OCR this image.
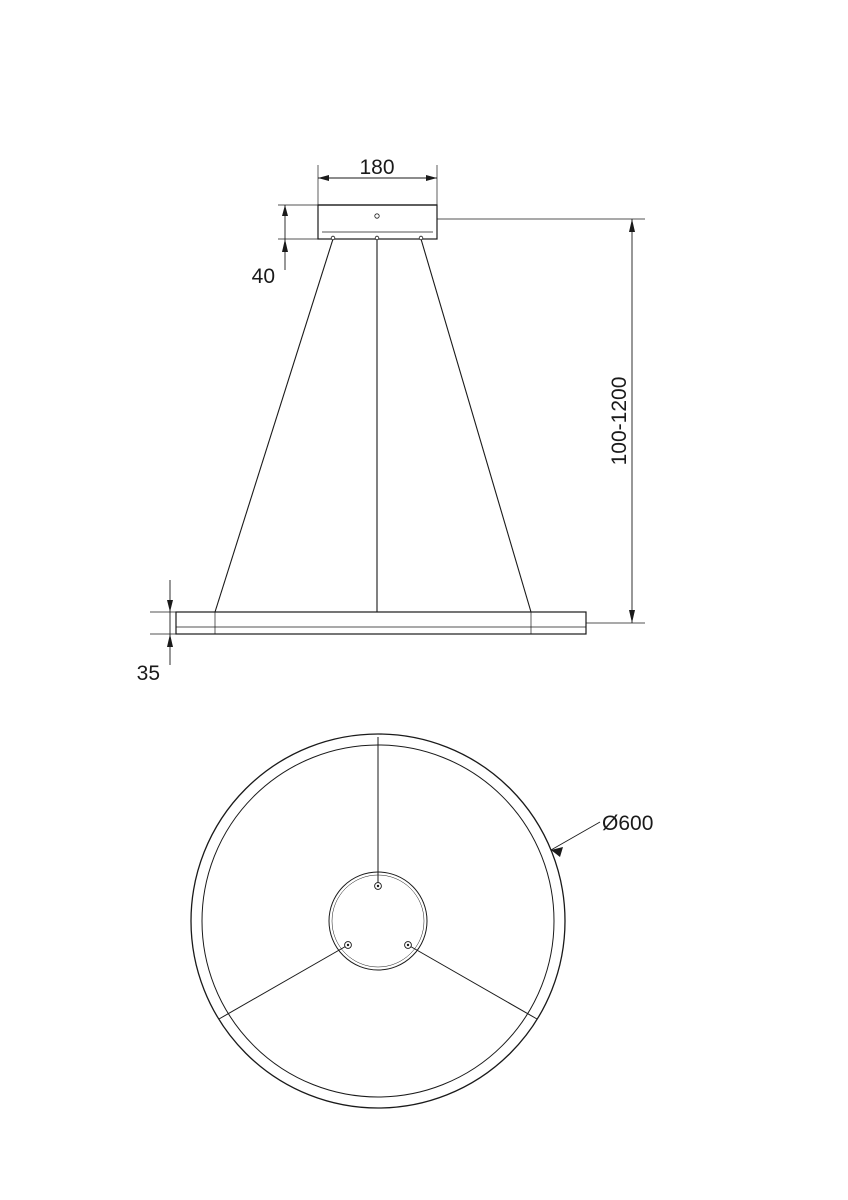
180
40
100-1200
35
Ø600
